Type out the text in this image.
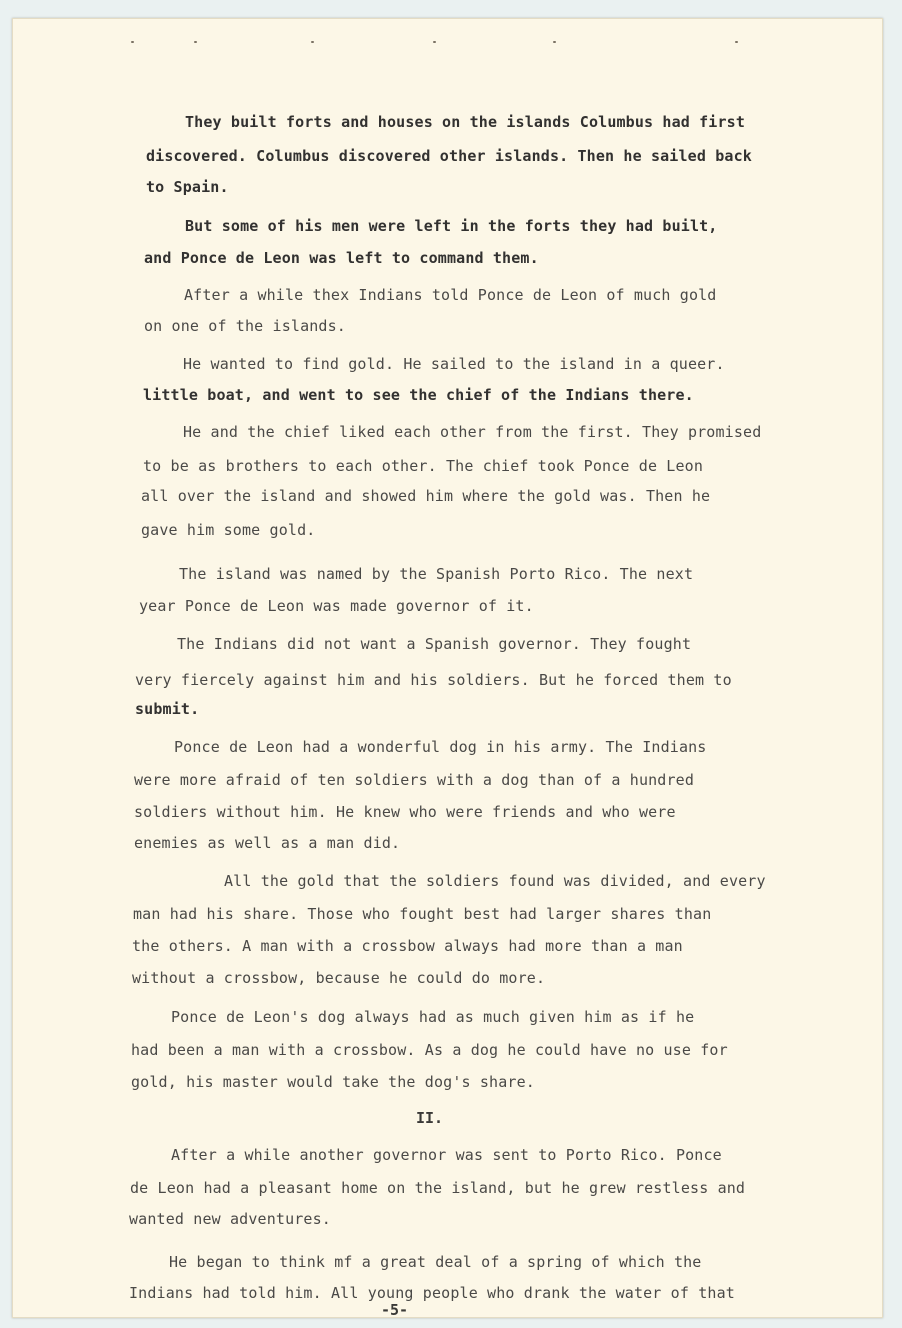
They built forts and houses on the islands Columbus had first

discovered. Columbus discovered other islands. Then he sailed back

to Spain.

But some of his men were left in the forts they had built,

and Ponce de Leon was left to command them.

After a while thex Indians told Ponce de Leon of much gold

on one of the islands.

He wanted to find gold. He sailed to the island in a queer.

little boat, and went to see the chief of the Indians there.

He and the chief liked each other from the first. They promised

to be as brothers to each other. The chief took Ponce de Leon

all over the island and showed him where the gold was. Then he

gave him some gold.

The island was named by the Spanish Porto Rico. The next

year Ponce de Leon was made governor of it.

The Indians did not want a Spanish governor. They fought

very fiercely against him and his soldiers. But he forced them to

submit.

Ponce de Leon had a wonderful dog in his army. The Indians

were more afraid of ten soldiers with a dog than of a hundred

soldiers without him. He knew who were friends and who were

enemies as well as a man did.

All the gold that the soldiers found was divided, and every

man had his share. Those who fought best had larger shares than

the others. A man with a crossbow always had more than a man

without a crossbow, because he could do more.

Ponce de Leon's dog always had as much given him as if he

had been a man with a crossbow. As a dog he could have no use for

gold, his master would take the dog's share.

II.

After a while another governor was sent to Porto Rico. Ponce

de Leon had a pleasant home on the island, but he grew restless and

wanted new adventures.

He began to think mf a great deal of a spring of which the

Indians had told him. All young people who drank the water of that

-5-
